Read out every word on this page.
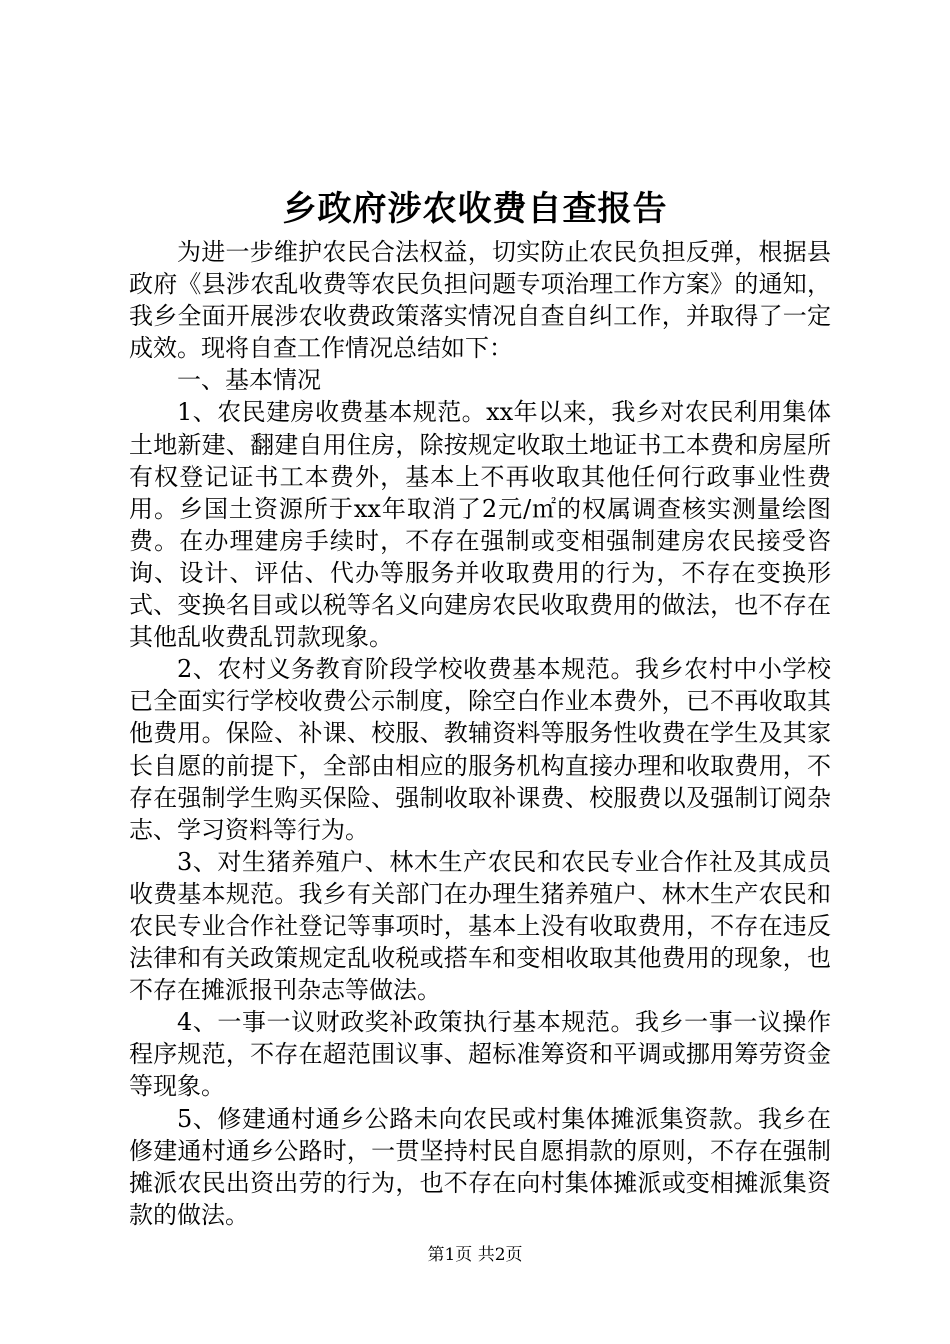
乡政府涉农收费自查报告

为进一步维护农民合法权益，切实防止农民负担反弹，根据县政府《县涉农乱收费等农民负担问题专项治理工作方案》的通知，我乡全面开展涉农收费政策落实情况自查自纠工作，并取得了一定成效。现将自查工作情况总结如下：

一、基本情况

1、农民建房收费基本规范。xx年以来，我乡对农民利用集体土地新建、翻建自用住房，除按规定收取土地证书工本费和房屋所有权登记证书工本费外，基本上不再收取其他任何行政事业性费用。乡国土资源所于xx年取消了2元/㎡的权属调查核实测量绘图费。在办理建房手续时，不存在强制或变相强制建房农民接受咨询、设计、评估、代办等服务并收取费用的行为，不存在变换形式、变换名目或以税等名义向建房农民收取费用的做法，也不存在其他乱收费乱罚款现象。

2、农村义务教育阶段学校收费基本规范。我乡农村中小学校已全面实行学校收费公示制度，除空白作业本费外，已不再收取其他费用。保险、补课、校服、教辅资料等服务性收费在学生及其家长自愿的前提下，全部由相应的服务机构直接办理和收取费用，不存在强制学生购买保险、强制收取补课费、校服费以及强制订阅杂志、学习资料等行为。

3、对生猪养殖户、林木生产农民和农民专业合作社及其成员收费基本规范。我乡有关部门在办理生猪养殖户、林木生产农民和农民专业合作社登记等事项时，基本上没有收取费用，不存在违反法律和有关政策规定乱收税或搭车和变相收取其他费用的现象，也不存在摊派报刊杂志等做法。

4、一事一议财政奖补政策执行基本规范。我乡一事一议操作程序规范，不存在超范围议事、超标准筹资和平调或挪用筹劳资金等现象。

5、修建通村通乡公路未向农民或村集体摊派集资款。我乡在修建通村通乡公路时，一贯坚持村民自愿捐款的原则，不存在强制摊派农民出资出劳的行为，也不存在向村集体摊派或变相摊派集资款的做法。

第1页 共2页
